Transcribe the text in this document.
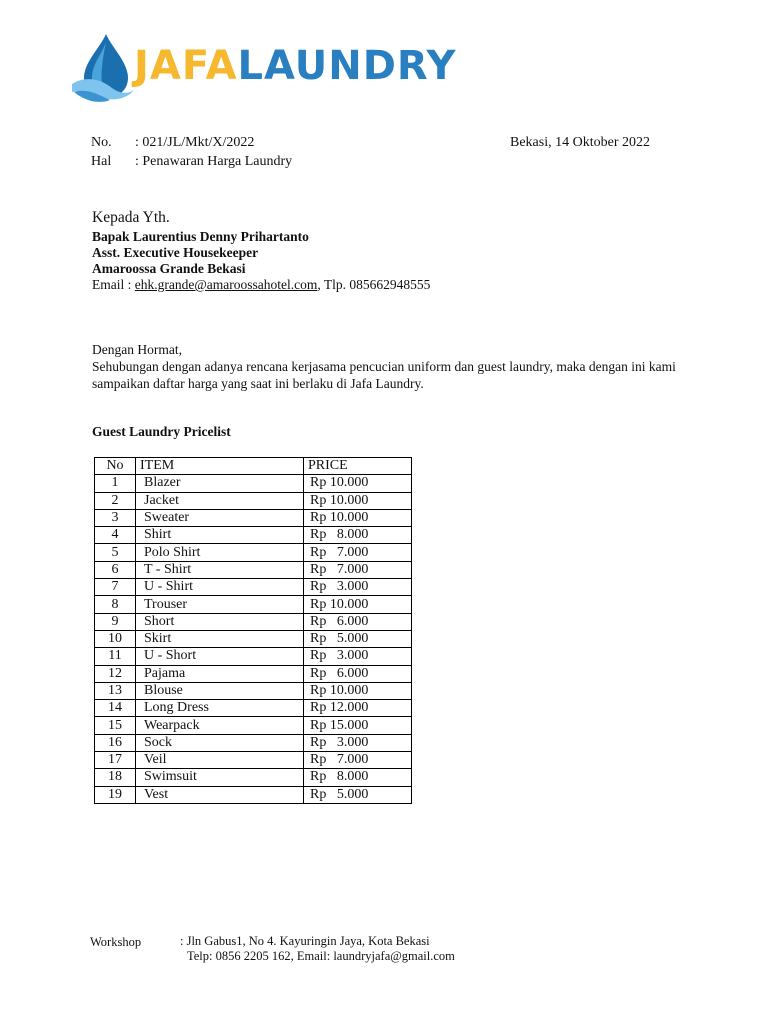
JAFALAUNDRY
No. : 021/JL/Mkt/X/2022
Hal : Penawaran Harga Laundry
Bekasi, 14 Oktober 2022
Kepada Yth.
Bapak Laurentius Denny Prihartanto
Asst. Executive Housekeeper
Amaroossa Grande Bekasi
Email : ehk.grande@amaroossahotel.com, Tlp. 085662948555
Dengan Hormat,
Sehubungan dengan adanya rencana kerjasama pencucian uniform dan guest laundry, maka dengan ini kami
sampaikan daftar harga yang saat ini berlaku di Jafa Laundry.
Guest Laundry Pricelist
No	ITEM	PRICE
1	Blazer	Rp 10.000
2	Jacket	Rp 10.000
3	Sweater	Rp 10.000
4	Shirt	Rp   8.000
5	Polo Shirt	Rp   7.000
6	T - Shirt	Rp   7.000
7	U - Shirt	Rp   3.000
8	Trouser	Rp 10.000
9	Short	Rp   6.000
10	Skirt	Rp   5.000
11	U - Short	Rp   3.000
12	Pajama	Rp   6.000
13	Blouse	Rp 10.000
14	Long Dress	Rp 12.000
15	Wearpack	Rp 15.000
16	Sock	Rp   3.000
17	Veil	Rp   7.000
18	Swimsuit	Rp   8.000
19	Vest	Rp   5.000
Workshop	: Jln Gabus1, No 4. Kayuringin Jaya, Kota Bekasi
Telp: 0856 2205 162, Email: laundryjafa@gmail.com
